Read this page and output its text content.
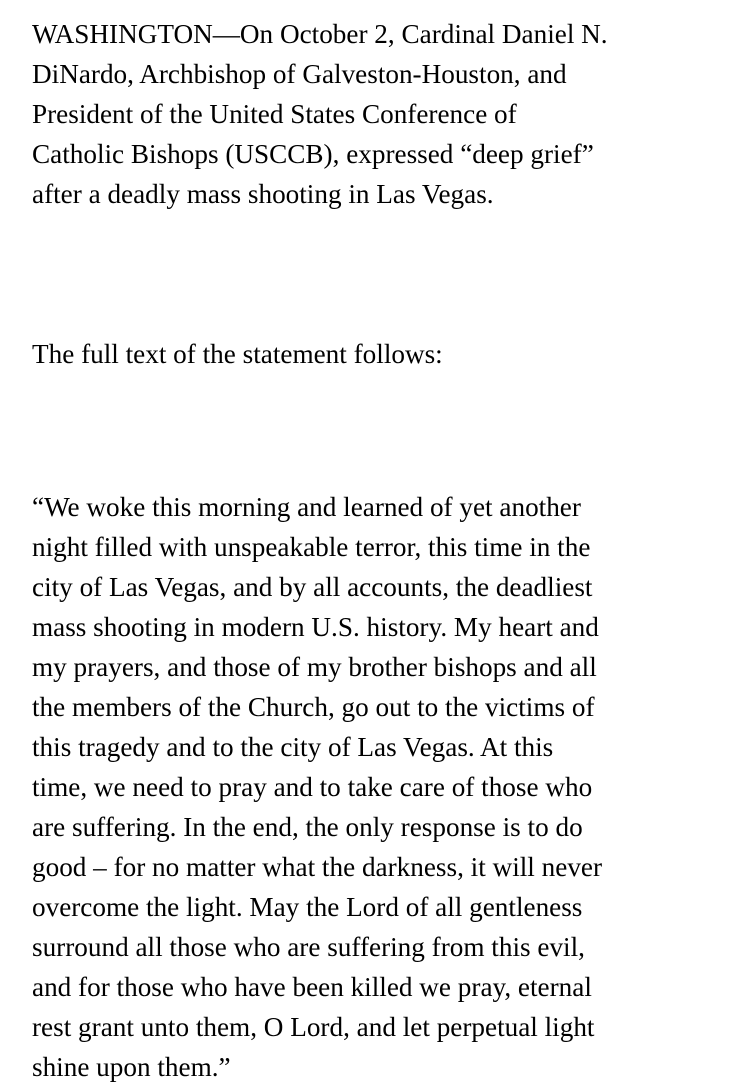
WASHINGTON—On October 2, Cardinal Daniel N.
DiNardo, Archbishop of Galveston-Houston, and
President of the United States Conference of
Catholic Bishops (USCCB), expressed “deep grief”
after a deadly mass shooting in Las Vegas.

The full text of the statement follows:

“We woke this morning and learned of yet another
night filled with unspeakable terror, this time in the
city of Las Vegas, and by all accounts, the deadliest
mass shooting in modern U.S. history. My heart and
my prayers, and those of my brother bishops and all
the members of the Church, go out to the victims of
this tragedy and to the city of Las Vegas. At this
time, we need to pray and to take care of those who
are suffering. In the end, the only response is to do
good – for no matter what the darkness, it will never
overcome the light. May the Lord of all gentleness
surround all those who are suffering from this evil,
and for those who have been killed we pray, eternal
rest grant unto them, O Lord, and let perpetual light
shine upon them.”
